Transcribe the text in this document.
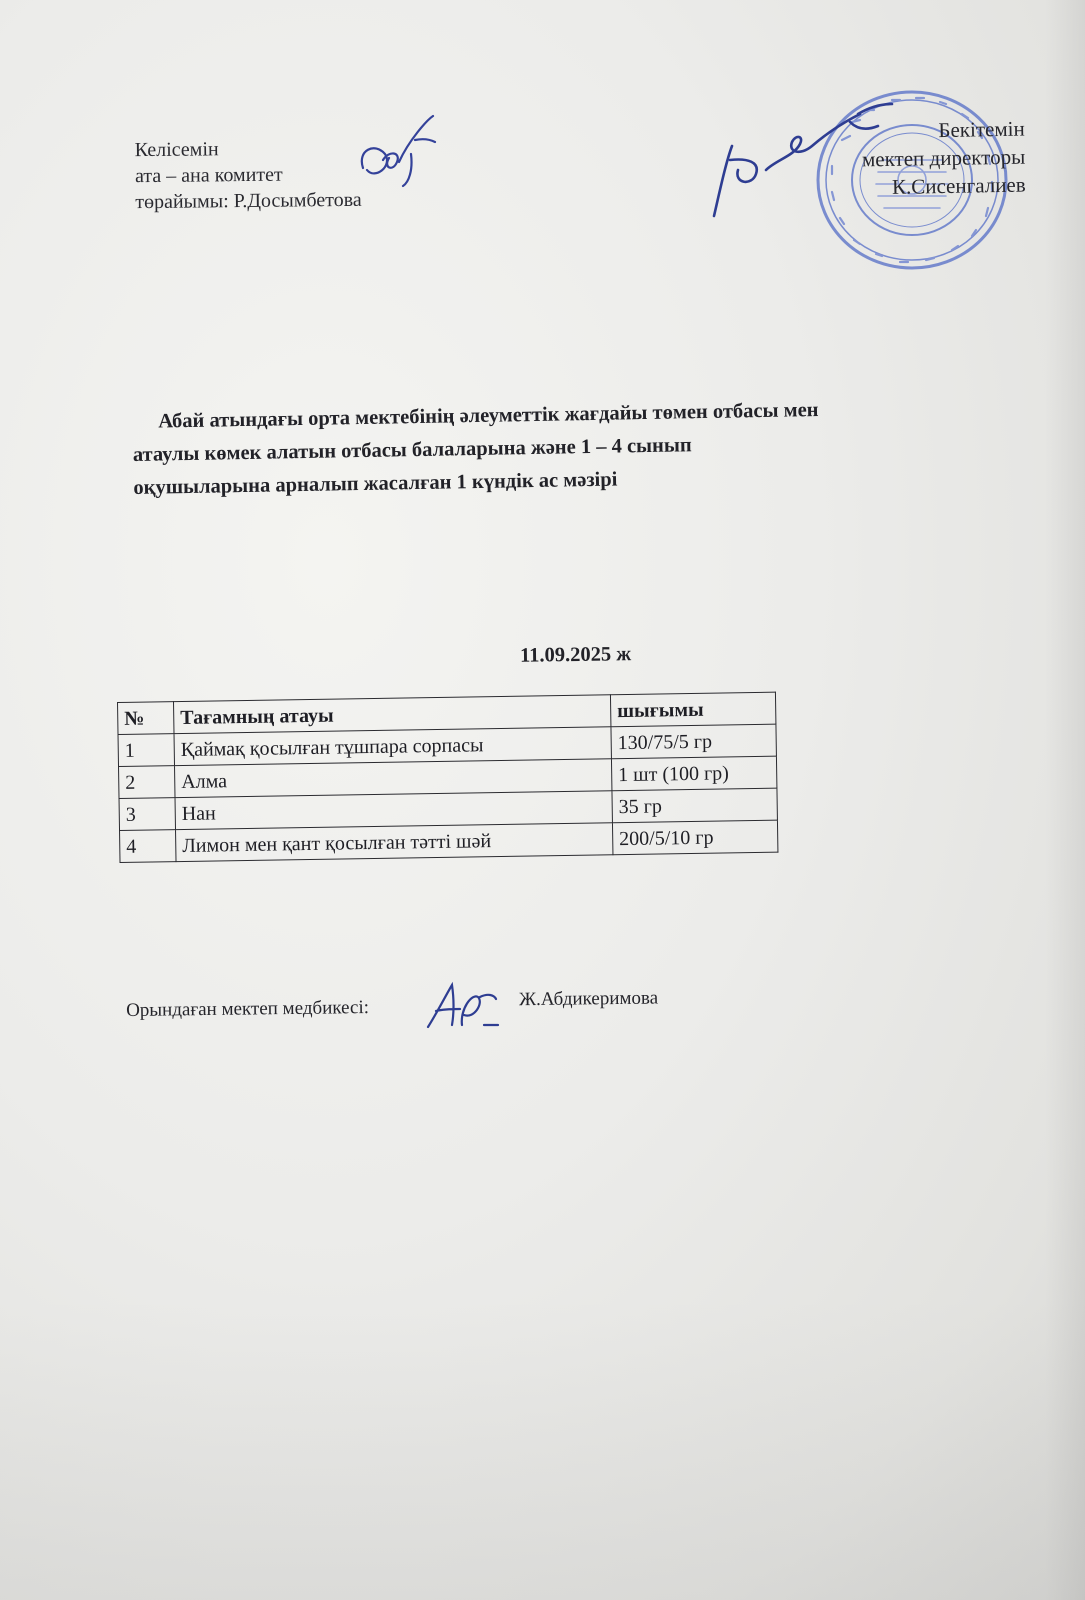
Келісемін
ата – ана комитет
төрайымы: Р.Досымбетова
Бекітемін
мектеп директоры
К.Сисенгалиев
Абай атындағы орта мектебінің әлеуметтік жағдайы төмен отбасы мен
атаулы көмек алатын отбасы балаларына және 1 – 4 сынып
оқушыларына арналып жасалған 1 күндік ас мәзірі
11.09.2025 ж
№	Тағамның атауы	шығымы
1	Қаймақ қосылған тұшпара сорпасы	130/75/5 гр
2	Алма	1 шт (100 гр)
3	Нан	35 гр
4	Лимон мен қант қосылған тәтті шәй	200/5/10 гр
Орындаған мектеп медбикесі:	Ж.Абдикеримова
